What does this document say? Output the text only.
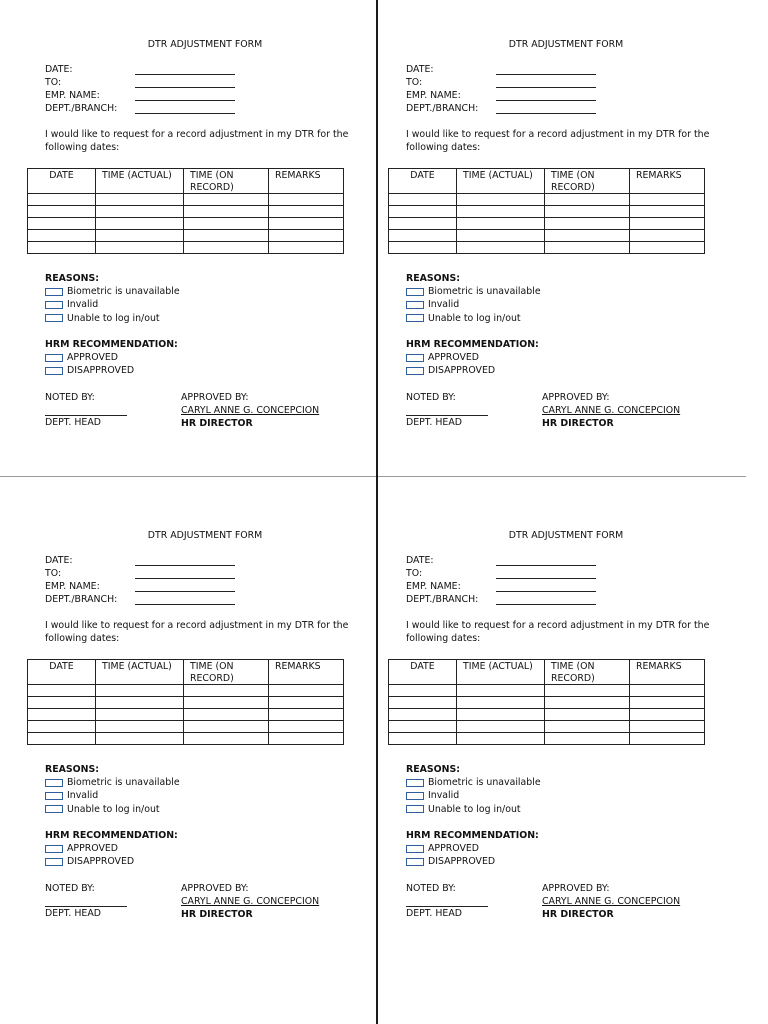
DTR ADJUSTMENT FORM
DATE:
TO:
EMP. NAME:
DEPT./BRANCH:
I would like to request for a record adjustment in my DTR for the following dates:
DATE	TIME (ACTUAL)	TIME (ON RECORD)	REMARKS

REASONS:
Biometric is unavailable
Invalid
Unable to log in/out
HRM RECOMMENDATION:
APPROVED
DISAPPROVED
NOTED BY:
DEPT. HEAD
APPROVED BY:
CARYL ANNE G. CONCEPCION
HR DIRECTOR
DTR ADJUSTMENT FORM
DATE:
TO:
EMP. NAME:
DEPT./BRANCH:
I would like to request for a record adjustment in my DTR for the following dates:
DATE	TIME (ACTUAL)	TIME (ON RECORD)	REMARKS

REASONS:
Biometric is unavailable
Invalid
Unable to log in/out
HRM RECOMMENDATION:
APPROVED
DISAPPROVED
NOTED BY:
DEPT. HEAD
APPROVED BY:
CARYL ANNE G. CONCEPCION
HR DIRECTOR
DTR ADJUSTMENT FORM
DATE:
TO:
EMP. NAME:
DEPT./BRANCH:
I would like to request for a record adjustment in my DTR for the following dates:
DATE	TIME (ACTUAL)	TIME (ON RECORD)	REMARKS

REASONS:
Biometric is unavailable
Invalid
Unable to log in/out
HRM RECOMMENDATION:
APPROVED
DISAPPROVED
NOTED BY:
DEPT. HEAD
APPROVED BY:
CARYL ANNE G. CONCEPCION
HR DIRECTOR
DTR ADJUSTMENT FORM
DATE:
TO:
EMP. NAME:
DEPT./BRANCH:
I would like to request for a record adjustment in my DTR for the following dates:
DATE	TIME (ACTUAL)	TIME (ON RECORD)	REMARKS

REASONS:
Biometric is unavailable
Invalid
Unable to log in/out
HRM RECOMMENDATION:
APPROVED
DISAPPROVED
NOTED BY:
DEPT. HEAD
APPROVED BY:
CARYL ANNE G. CONCEPCION
HR DIRECTOR
